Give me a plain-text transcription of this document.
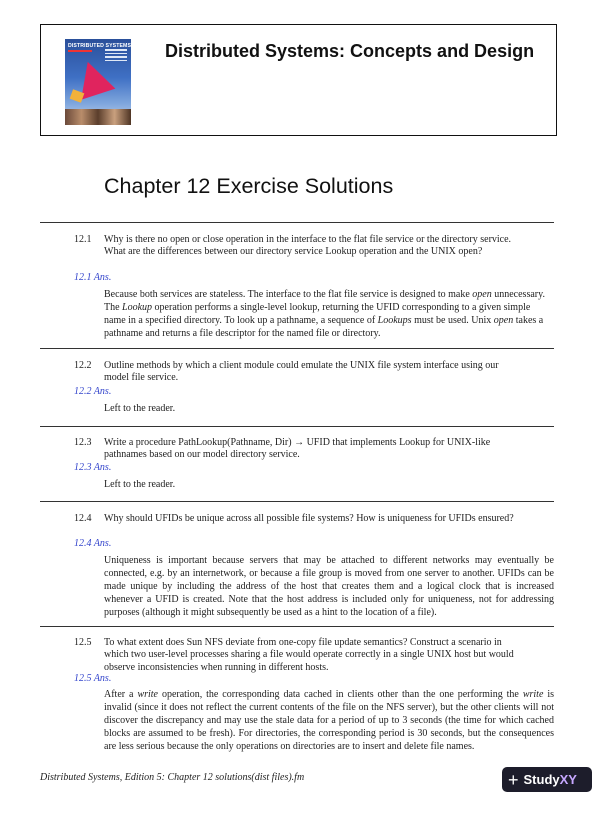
DISTRIBUTED SYSTEMS Distributed Systems: Concepts and Design
Chapter 12 Exercise Solutions
12.1 Why is there no open or close operation in the interface to the flat file service or the directory service. What are the differences between our directory service Lookup operation and the UNIX open?
12.1 Ans.
Because both services are stateless. The interface to the flat file service is designed to make open unnecessary. The Lookup operation performs a single-level lookup, returning the UFID corresponding to a given simple name in a specified directory. To look up a pathname, a sequence of Lookups must be used. Unix open takes a pathname and returns a file descriptor for the named file or directory.
12.2 Outline methods by which a client module could emulate the UNIX file system interface using our model file service.
12.2 Ans.
Left to the reader.
12.3 Write a procedure PathLookup(Pathname, Dir) → UFID that implements Lookup for UNIX-like pathnames based on our model directory service.
12.3 Ans.
Left to the reader.
12.4 Why should UFIDs be unique across all possible file systems? How is uniqueness for UFIDs ensured?
12.4 Ans.
Uniqueness is important because servers that may be attached to different networks may eventually be connected, e.g. by an internetwork, or because a file group is moved from one server to another. UFIDs can be made unique by including the address of the host that creates them and a logical clock that is increased whenever a UFID is created. Note that the host address is included only for uniqueness, not for addressing purposes (although it might subsequently be used as a hint to the location of a file).
12.5 To what extent does Sun NFS deviate from one-copy file update semantics? Construct a scenario in which two user-level processes sharing a file would operate correctly in a single UNIX host but would observe inconsistencies when running in different hosts.
12.5 Ans.
After a write operation, the corresponding data cached in clients other than the one performing the write is invalid (since it does not reflect the current contents of the file on the NFS server), but the other clients will not discover the discrepancy and may use the stale data for a period of up to 3 seconds (the time for which cached blocks are assumed to be fresh). For directories, the corresponding period is 30 seconds, but the consequences are less serious because the only operations on directories are to insert and delete file names.
Distributed Systems, Edition 5: Chapter 12 solutions(dist files).fm	+ Study XY
